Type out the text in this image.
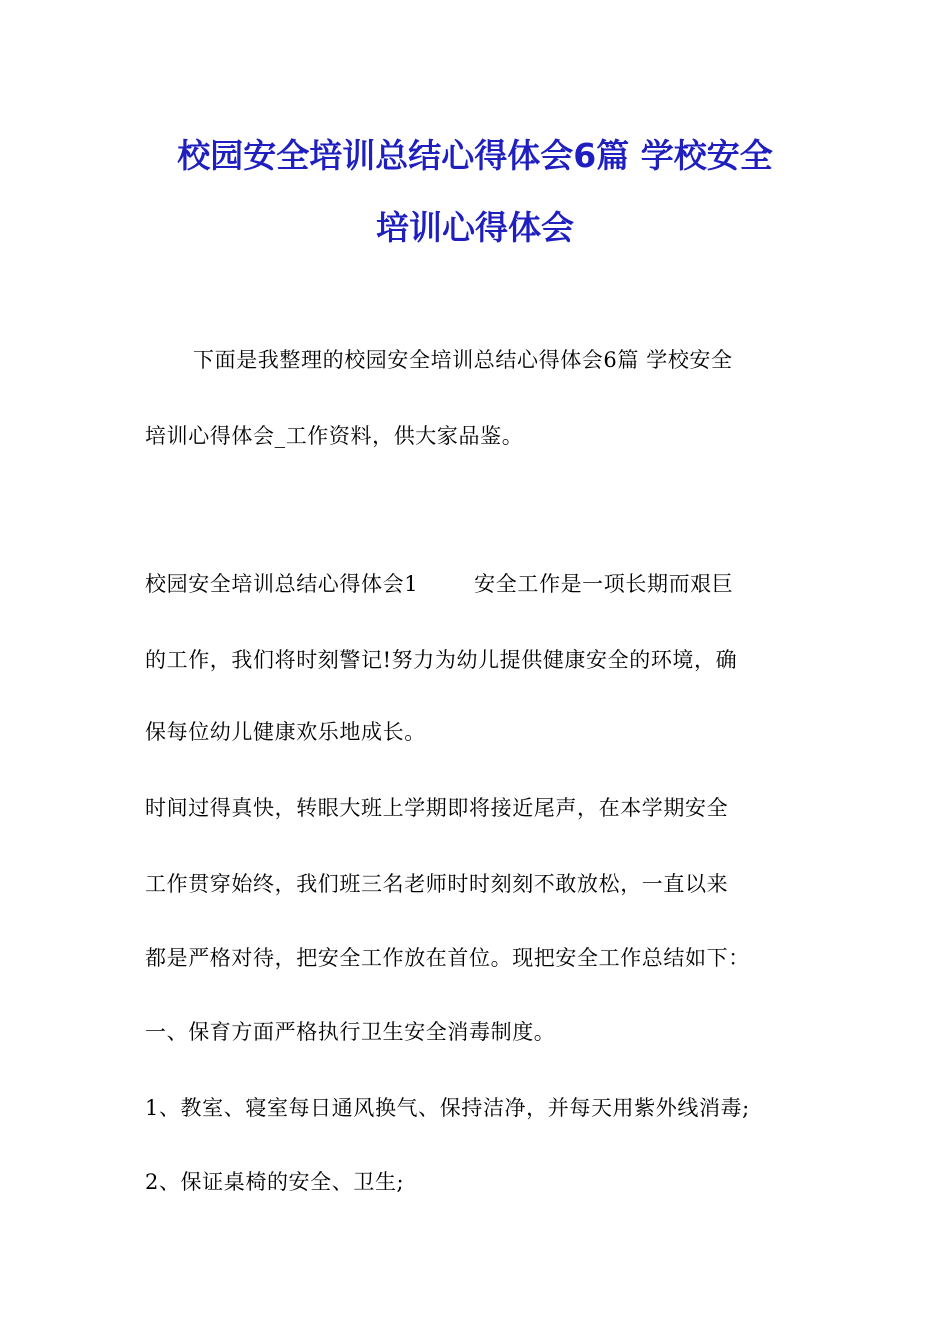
校园安全培训总结心得体会6篇 学校安全
培训心得体会
下面是我整理的校园安全培训总结心得体会6篇 学校安全
培训心得体会_工作资料，供大家品鉴。
校园安全培训总结心得体会1	安全工作是一项长期而艰巨
的工作，我们将时刻警记!努力为幼儿提供健康安全的环境，确
保每位幼儿健康欢乐地成长。
时间过得真快，转眼大班上学期即将接近尾声，在本学期安全
工作贯穿始终，我们班三名老师时时刻刻不敢放松，一直以来
都是严格对待，把安全工作放在首位。现把安全工作总结如下：
一、保育方面严格执行卫生安全消毒制度。
1、教室、寝室每日通风换气、保持洁净，并每天用紫外线消毒;
2、保证桌椅的安全、卫生;
